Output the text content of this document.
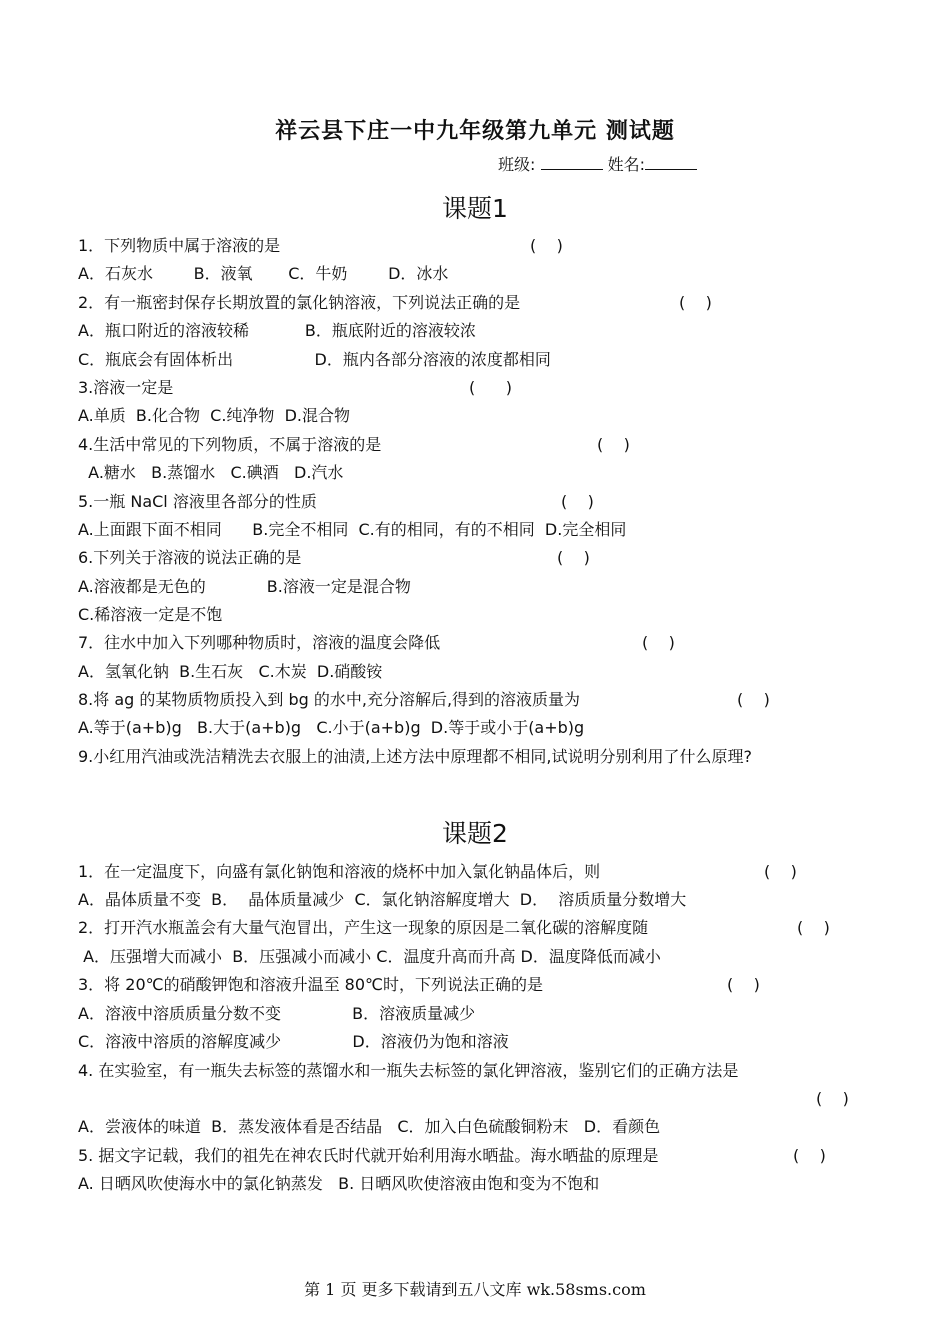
祥云县下庄一中九年级第九单元 测试题
班级:	姓名:
课题1
1．下列物质中属于溶液的是	(    )
A．石灰水        B．液氧       C．牛奶        D．冰水
2．有一瓶密封保存长期放置的氯化钠溶液，下列说法正确的是	(    )
A．瓶口附近的溶液较稀           B．瓶底附近的溶液较浓
C．瓶底会有固体析出                D．瓶内各部分溶液的浓度都相同
3.溶液一定是	(      )
A.单质  B.化合物  C.纯净物  D.混合物
4.生活中常见的下列物质，不属于溶液的是	(    )
A.糖水   B.蒸馏水   C.碘酒   D.汽水
5.一瓶 NaCl 溶液里各部分的性质	(    )
A.上面跟下面不相同      B.完全不相同  C.有的相同，有的不相同  D.完全相同
6.下列关于溶液的说法正确的是	(    )
A.溶液都是无色的            B.溶液一定是混合物
C.稀溶液一定是不饱
7．往水中加入下列哪种物质时，溶液的温度会降低	(    )
A．氢氧化钠  B.生石灰   C.木炭  D.硝酸铵
8.将 ag 的某物质物质投入到 bg 的水中,充分溶解后,得到的溶液质量为	(    )
A.等于(a+b)g   B.大于(a+b)g   C.小于(a+b)g  D.等于或小于(a+b)g
9.小红用汽油或洗洁精洗去衣服上的油渍,上述方法中原理都不相同,试说明分别利用了什么原理?
课题2
1．在一定温度下，向盛有氯化钠饱和溶液的烧杯中加入氯化钠晶体后，则	(    )
A．晶体质量不变  B．  晶体质量减少  C．氯化钠溶解度增大  D．  溶质质量分数增大
2．打开汽水瓶盖会有大量气泡冒出，产生这一现象的原因是二氧化碳的溶解度随	(    )
A．压强增大而减小  B．压强减小而减小 C．温度升高而升高 D．温度降低而减小
3．将 20℃的硝酸钾饱和溶液升温至 80℃时，下列说法正确的是	(    )
A．溶液中溶质质量分数不变              B．溶液质量减少
C．溶液中溶质的溶解度减少              D．溶液仍为饱和溶液
4. 在实验室，有一瓶失去标签的蒸馏水和一瓶失去标签的氯化钾溶液，鉴别它们的正确方法是
(    )
A．尝液体的味道  B．蒸发液体看是否结晶   C．加入白色硫酸铜粉末   D．看颜色
5. 据文字记载，我们的祖先在神农氏时代就开始利用海水晒盐。海水晒盐的原理是	(    )
A. 日晒风吹使海水中的氯化钠蒸发   B. 日晒风吹使溶液由饱和变为不饱和
第 1 页 更多下载请到五八文库 wk.58sms.com
